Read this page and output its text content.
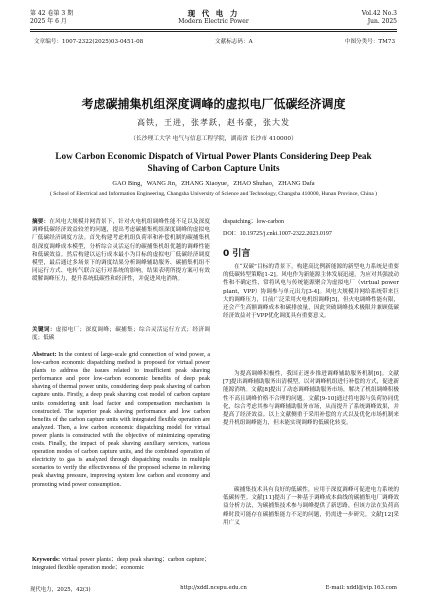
第 42 卷第 3 期
2025 年 6 月
现 代 电 力
Modern Electric Power
Vol.42 No.3
Jun. 2025
文章编号：1007-2322(2025)03-0451-08	文献标志码：A	中图分类号：TM73
考虑碳捕集机组深度调峰的虚拟电厂低碳经济调度
高铁，王进，张孝跃，赵书豪，张大发
（长沙理工大学 电气与信息工程学院，湖南省 长沙市 410000）
Low Carbon Economic Dispatch of Virtual Power Plants Considering Deep Peak Shaving of Carbon Capture Units
GAO Bing，WANG Jin，ZHANG Xiaoyue，ZHAO Shuhao，ZHANG Dafa
( School of Electrical and Information Engineering, Changsha University of Science and Technology, Changsha 410000, Hunan Province, China )
摘要：在风电大规模并网背景下，针对火电机组调峰性能不足以及深度调峰低碳经济效益较差的问题，提出考虑碳捕集机组深度调峰的虚拟电厂低碳经济调度方法。首先构建考虑机组负荷率和补偿机制的碳捕集机组深度调峰成本模型，分析综合灵活运行的碳捕集机组优越的调峰性能和低碳效益。然后构建以运行成本最小为目标的虚拟电厂低碳经济调度模型，最后通过多场景下的调度结果分析调峰辅助服务、碳捕集机组不同运行方式、电转气联合运行对系统的影响，结果表明所提方案可有效缓解调峰压力，提升系统低碳性和经济性，并促进风电消纳。
关键词：虚拟电厂；深度调峰；碳捕集；综合灵活运行方式；经济调度；低碳
Abstract: In the context of large-scale grid connection of wind power, a low-carbon economic dispatching method is proposed for virtual power plants to address the issues related to insufficient peak shaving performance and poor low-carbon economic benefits of deep peak shaving of thermal power units, considering deep peak shaving of carbon capture units. Firstly, a deep peak shaving cost model of carbon capture units considering unit load factor and compensation mechanism is constructed. The superior peak shaving performance and low carbon benefits of the carbon capture units with integrated flexible operation are analyzed. Then, a low carbon economic dispatching model for virtual power plants is constructed with the objective of minimizing operating costs. Finally, the impact of peak shaving auxiliary services, various operation modes of carbon capture units, and the combined operation of electricity to gas is analyzed through dispatching results in multiple scenarios to verify the effectiveness of the proposed scheme in relieving peak shaving pressure, improving system low carbon and economy and promoting wind power consumption.
Keywords: virtual power plants；deep peak shaving；carbon capture；integrated flexible operation mode；economic
dispatching；low-carbon
DOI：10.19725/j.cnki.1007-2322.2023.0197
0 引言
在“双碳”目标的背景下，构建高比例新能源的新型电力系统是重要的低碳转型策略[1-2]。风电作为新能源主体发展迅速，为应对其强波动性和不确定性，常将风电与传统能源聚合为虚拟电厂（virtual power plant，VPP）协调参与单元出力[3-4]。风电大规模并网给系统带来巨大的调峰压力，目前广泛采用火电机组调峰[5]，但火电调峰性能有限，还会产生高额调峰成本和碳排放量，因此突破调峰技术极限并兼顾低碳经济效益对于VPP优化调度具有重要意义。
为提高调峰积极性，我国正逐步推进调峰辅助服务机制[6]。文献[7]提出调峰辅助服务出清模型，以对调峰机组进行补偿的方式，促进新能源消纳。文献[8]提出了动态调峰辅助服务市场，解决了机组调峰积极性不高且调峰价格不合理的问题。文献[9-10]通过将电源与负荷协同优化，综合考虑其参与调峰辅助服务市场，从而提升了系统调峰效果，并提高了经济效益。以上文献侧重于采用补偿的方式以及优化市场机制来提升机组调峰能力，但未能实现调峰的低碳化转变。
碳捕集技术具有良好的低碳性，应用于深度调峰可促进电力系统的低碳转型。文献[11]提出了一种基于调峰成本曲线的碳捕集电厂调峰效益分析方法，为碳捕集技术参与调峰提供了新思路，但该方法在负荷高峰时段可能存在碳捕集能力不足的问题，仍需进一步研究。文献[12]采用广义
现代电力，2025，42(3)	http://xddl.ncepu.edu.cn	E-mail: xddl@vip.163.com
